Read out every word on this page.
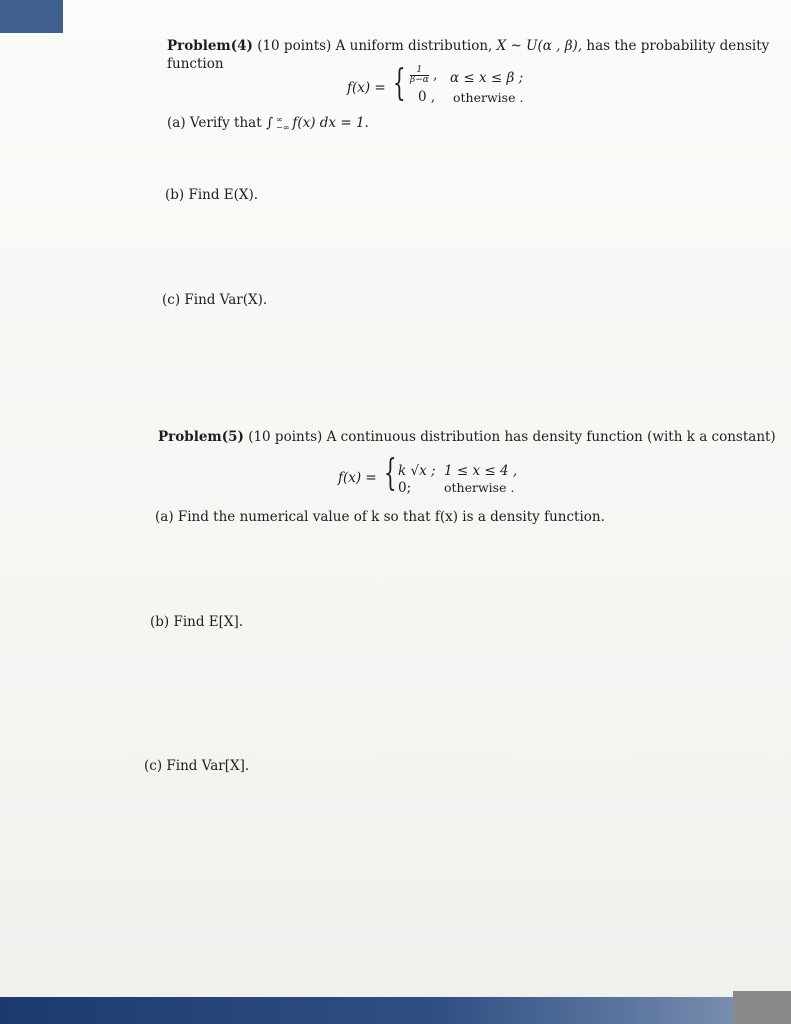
Problem(4) (10 points) A uniform distribution, X ~ U(α , β), has the probability density
function
f(x) = { $\frac{1}{\beta-\alpha}$ , α ≤ x ≤ β ;
0 , otherwise .
(a) Verify that ∫ ∞
−∞ f(x) dx = 1.
(b) Find E(X).
(c) Find Var(X).
Problem(5) (10 points) A continuous distribution has density function (with k a constant)
f(x) = { k √x ; 1 ≤ x ≤ 4 ,
0;	otherwise .
(a) Find the numerical value of k so that f(x) is a density function.
(b) Find E[X].
(c) Find Var[X].
